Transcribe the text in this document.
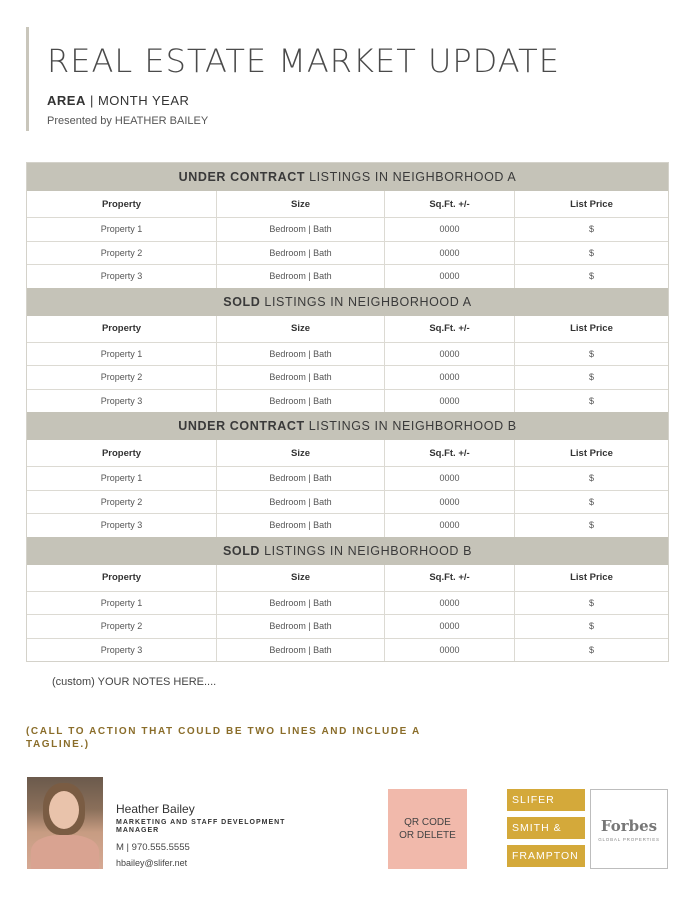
REAL ESTATE MARKET UPDATE
AREA | MONTH YEAR
Presented by HEATHER BAILEY
UNDER CONTRACT LISTINGS IN NEIGHBORHOOD A
Property	Size	Sq.Ft. +/-	List Price
Property 1	Bedroom | Bath	0000	$
Property 2	Bedroom | Bath	0000	$
Property 3	Bedroom | Bath	0000	$
SOLD LISTINGS IN NEIGHBORHOOD A
Property	Size	Sq.Ft. +/-	List Price
Property 1	Bedroom | Bath	0000	$
Property 2	Bedroom | Bath	0000	$
Property 3	Bedroom | Bath	0000	$
UNDER CONTRACT LISTINGS IN NEIGHBORHOOD B
Property	Size	Sq.Ft. +/-	List Price
Property 1	Bedroom | Bath	0000	$
Property 2	Bedroom | Bath	0000	$
Property 3	Bedroom | Bath	0000	$
SOLD LISTINGS IN NEIGHBORHOOD B
Property	Size	Sq.Ft. +/-	List Price
Property 1	Bedroom | Bath	0000	$
Property 2	Bedroom | Bath	0000	$
Property 3	Bedroom | Bath	0000	$
(custom) YOUR NOTES HERE....
(CALL TO ACTION THAT COULD BE TWO LINES AND INCLUDE A TAGLINE.)
Heather Bailey
MARKETING AND STAFF DEVELOPMENT MANAGER
M | 970.555.5555
hbailey@slifer.net
QR CODE
OR DELETE
SLIFER
SMITH &
FRAMPTON
Forbes
GLOBAL PROPERTIES
